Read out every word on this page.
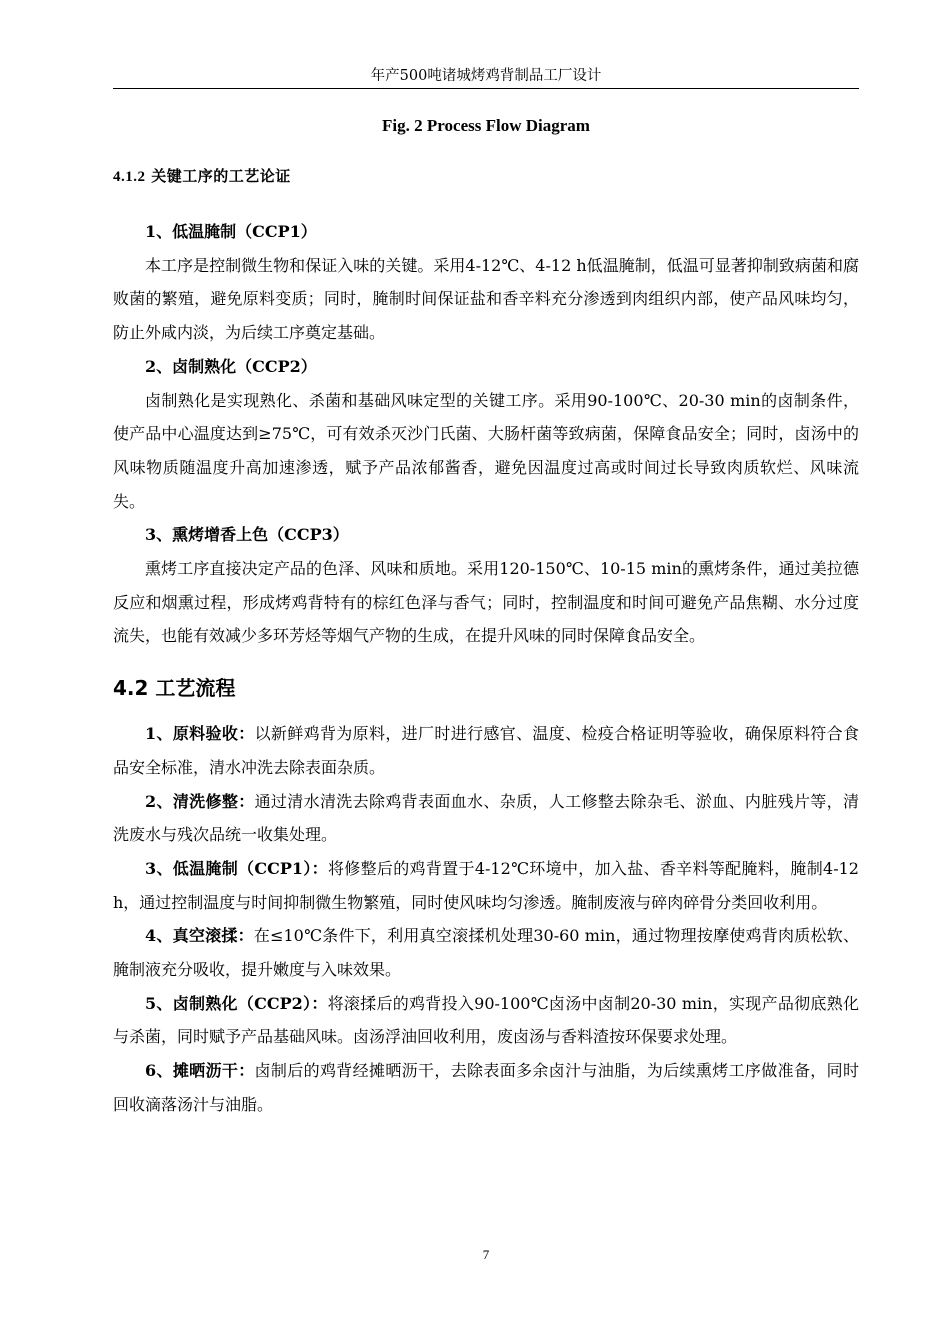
年产500吨诸城烤鸡背制品工厂设计
Fig. 2 Process Flow Diagram
4.1.2 关键工序的工艺论证
1、低温腌制（CCP1）

本工序是控制微生物和保证入味的关键。采用4-12℃、4-12 h低温腌制，低温可显著抑制致病菌和腐败菌的繁殖，避免原料变质；同时，腌制时间保证盐和香辛料充分渗透到肉组织内部，使产品风味均匀，防止外咸内淡，为后续工序奠定基础。

2、卤制熟化（CCP2）

卤制熟化是实现熟化、杀菌和基础风味定型的关键工序。采用90-100℃、20-30 min的卤制条件，使产品中心温度达到≥75℃，可有效杀灭沙门氏菌、大肠杆菌等致病菌，保障食品安全；同时，卤汤中的风味物质随温度升高加速渗透，赋予产品浓郁酱香，避免因温度过高或时间过长导致肉质软烂、风味流失。

3、熏烤增香上色（CCP3）

熏烤工序直接决定产品的色泽、风味和质地。采用120-150℃、10-15 min的熏烤条件，通过美拉德反应和烟熏过程，形成烤鸡背特有的棕红色泽与香气；同时，控制温度和时间可避免产品焦糊、水分过度流失，也能有效减少多环芳烃等烟气产物的生成，在提升风味的同时保障食品安全。

4.2 工艺流程

1、原料验收：以新鲜鸡背为原料，进厂时进行感官、温度、检疫合格证明等验收，确保原料符合食品安全标准，清水冲洗去除表面杂质。

2、清洗修整：通过清水清洗去除鸡背表面血水、杂质，人工修整去除杂毛、淤血、内脏残片等，清洗废水与残次品统一收集处理。

3、低温腌制（CCP1）：将修整后的鸡背置于4-12℃环境中，加入盐、香辛料等配腌料，腌制4-12 h，通过控制温度与时间抑制微生物繁殖，同时使风味均匀渗透。腌制废液与碎肉碎骨分类回收利用。

4、真空滚揉：在≤10℃条件下，利用真空滚揉机处理30-60 min，通过物理按摩使鸡背肉质松软、腌制液充分吸收，提升嫩度与入味效果。

5、卤制熟化（CCP2）：将滚揉后的鸡背投入90-100℃卤汤中卤制20-30 min，实现产品彻底熟化与杀菌，同时赋予产品基础风味。卤汤浮油回收利用，废卤汤与香料渣按环保要求处理。

6、摊晒沥干：卤制后的鸡背经摊晒沥干，去除表面多余卤汁与油脂，为后续熏烤工序做准备，同时回收滴落汤汁与油脂。

7
